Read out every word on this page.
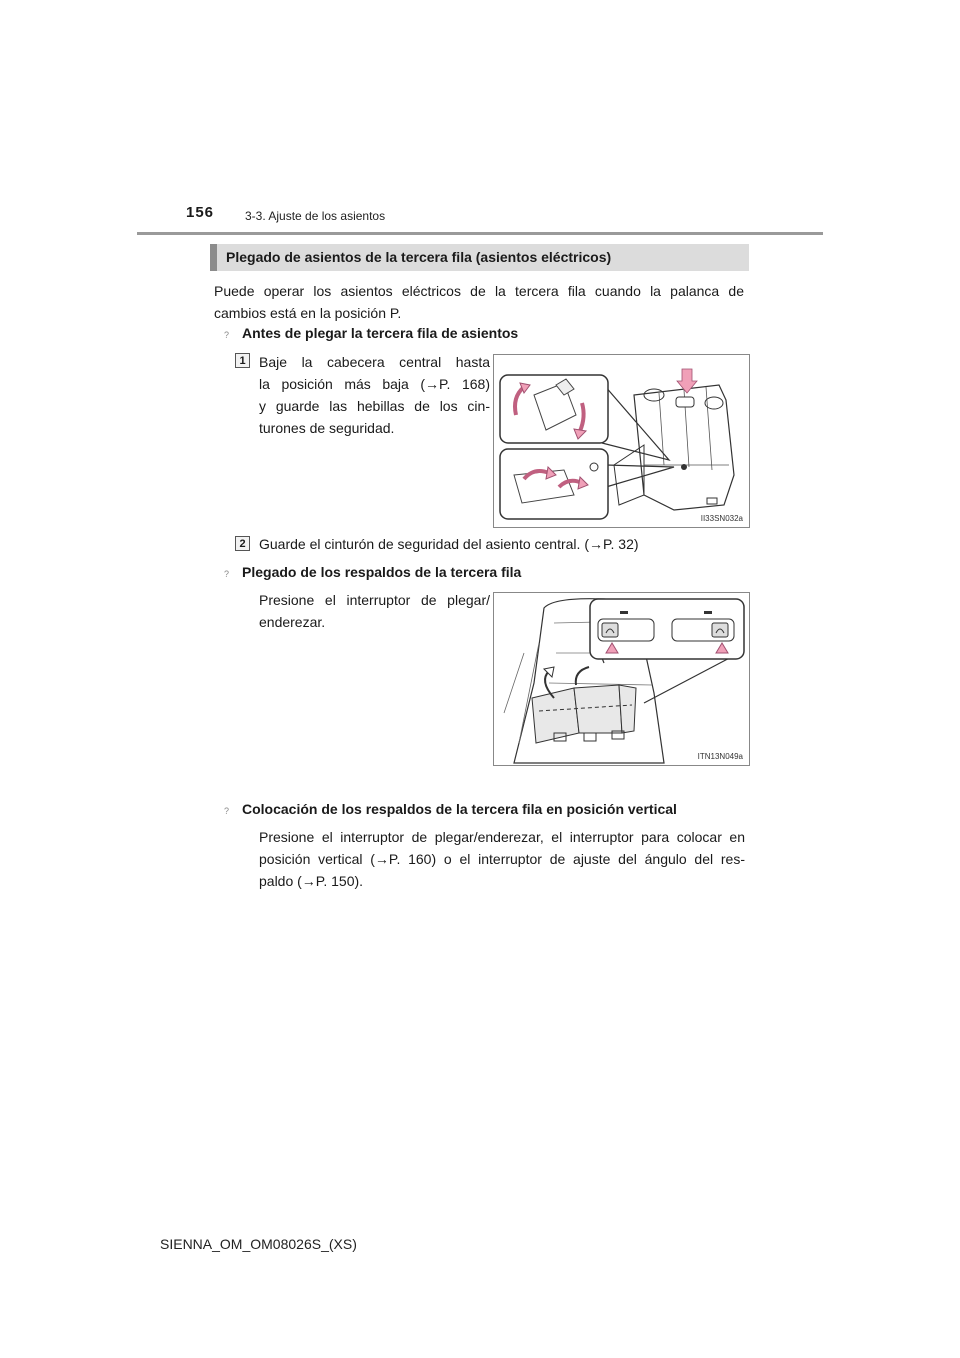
156	3-3. Ajuste de los asientos
Plegado de asientos de la tercera fila (asientos eléctricos)
Puede operar los asientos eléctricos de la tercera fila cuando la palanca de
cambios está en la posición P.
? Antes de plegar la tercera fila de asientos
1 Baje la cabecera central hasta
la posición más baja (→P. 168)
y guarde las hebillas de los cin-
turones de seguridad.
II33SN032a
2 Guarde el cinturón de seguridad del asiento central. (→P. 32)
? Plegado de los respaldos de la tercera fila
Presione el interruptor de plegar/
enderezar.
ITN13N049a
? Colocación de los respaldos de la tercera fila en posición vertical
Presione el interruptor de plegar/enderezar, el interruptor para colocar en
posición vertical (→P. 160) o el interruptor de ajuste del ángulo del res-
paldo (→P. 150).
SIENNA_OM_OM08026S_(XS)
